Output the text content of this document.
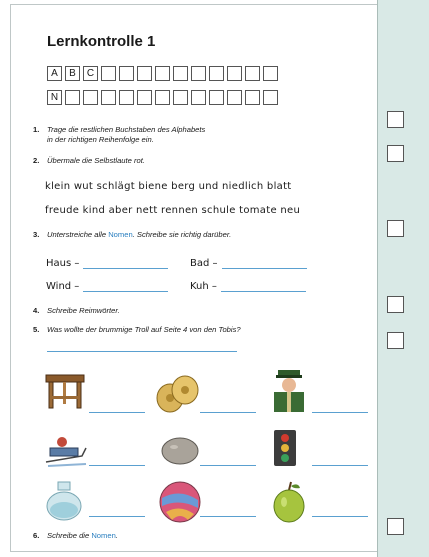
Lernkontrolle 1
A	B	C
N
1. Trage die restlichen Buchstaben des Alphabets
in der richtigen Reihenfolge ein.
2. Übermale die Selbstlaute rot.
klein wut schlägt biene berg und niedlich blatt
freude kind aber nett rennen schule tomate neu
3. Unterstreiche alle Nomen. Schreibe sie richtig darüber.
Haus –	Bad –
Wind –	Kuh –
4. Schreibe Reimwörter.
5. Was wollte der brummige Troll auf Seite 4 von den Tobis?
6. Schreibe die Nomen.
